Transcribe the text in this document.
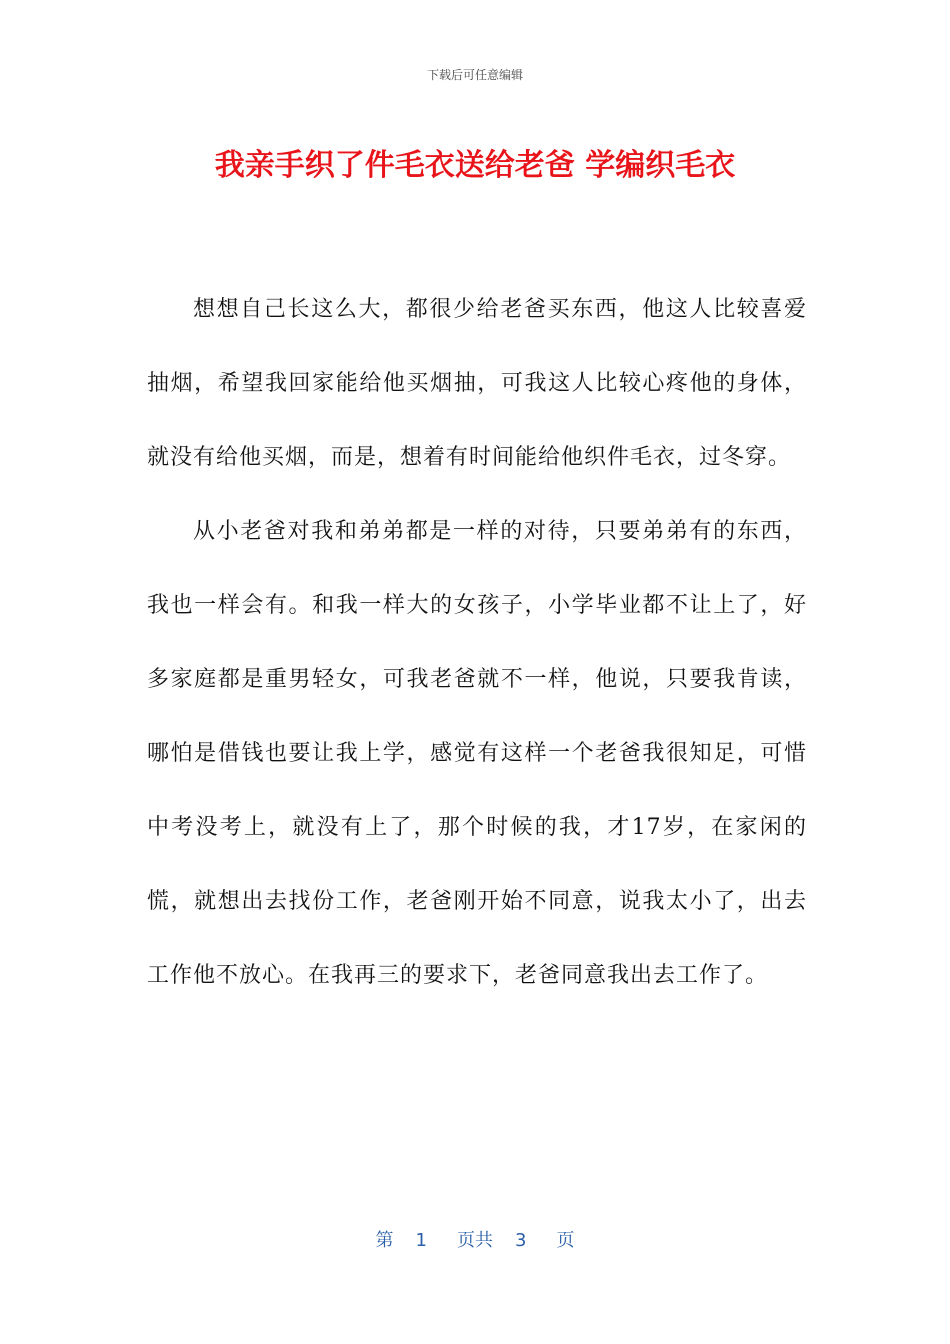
下载后可任意编辑
我亲手织了件毛衣送给老爸 学编织毛衣

想想自己长这么大，都很少给老爸买东西，他这人比较喜爱抽烟，希望我回家能给他买烟抽，可我这人比较心疼他的身体，就没有给他买烟，而是，想着有时间能给他织件毛衣，过冬穿。

从小老爸对我和弟弟都是一样的对待，只要弟弟有的东西，我也一样会有。和我一样大的女孩子，小学毕业都不让上了，好多家庭都是重男轻女，可我老爸就不一样，他说，只要我肯读，哪怕是借钱也要让我上学，感觉有这样一个老爸我很知足，可惜中考没考上，就没有上了，那个时候的我，才17岁，在家闲的慌，就想出去找份工作，老爸刚开始不同意，说我太小了，出去工作他不放心。在我再三的要求下，老爸同意我出去工作了。

第 1 页共 3 页
